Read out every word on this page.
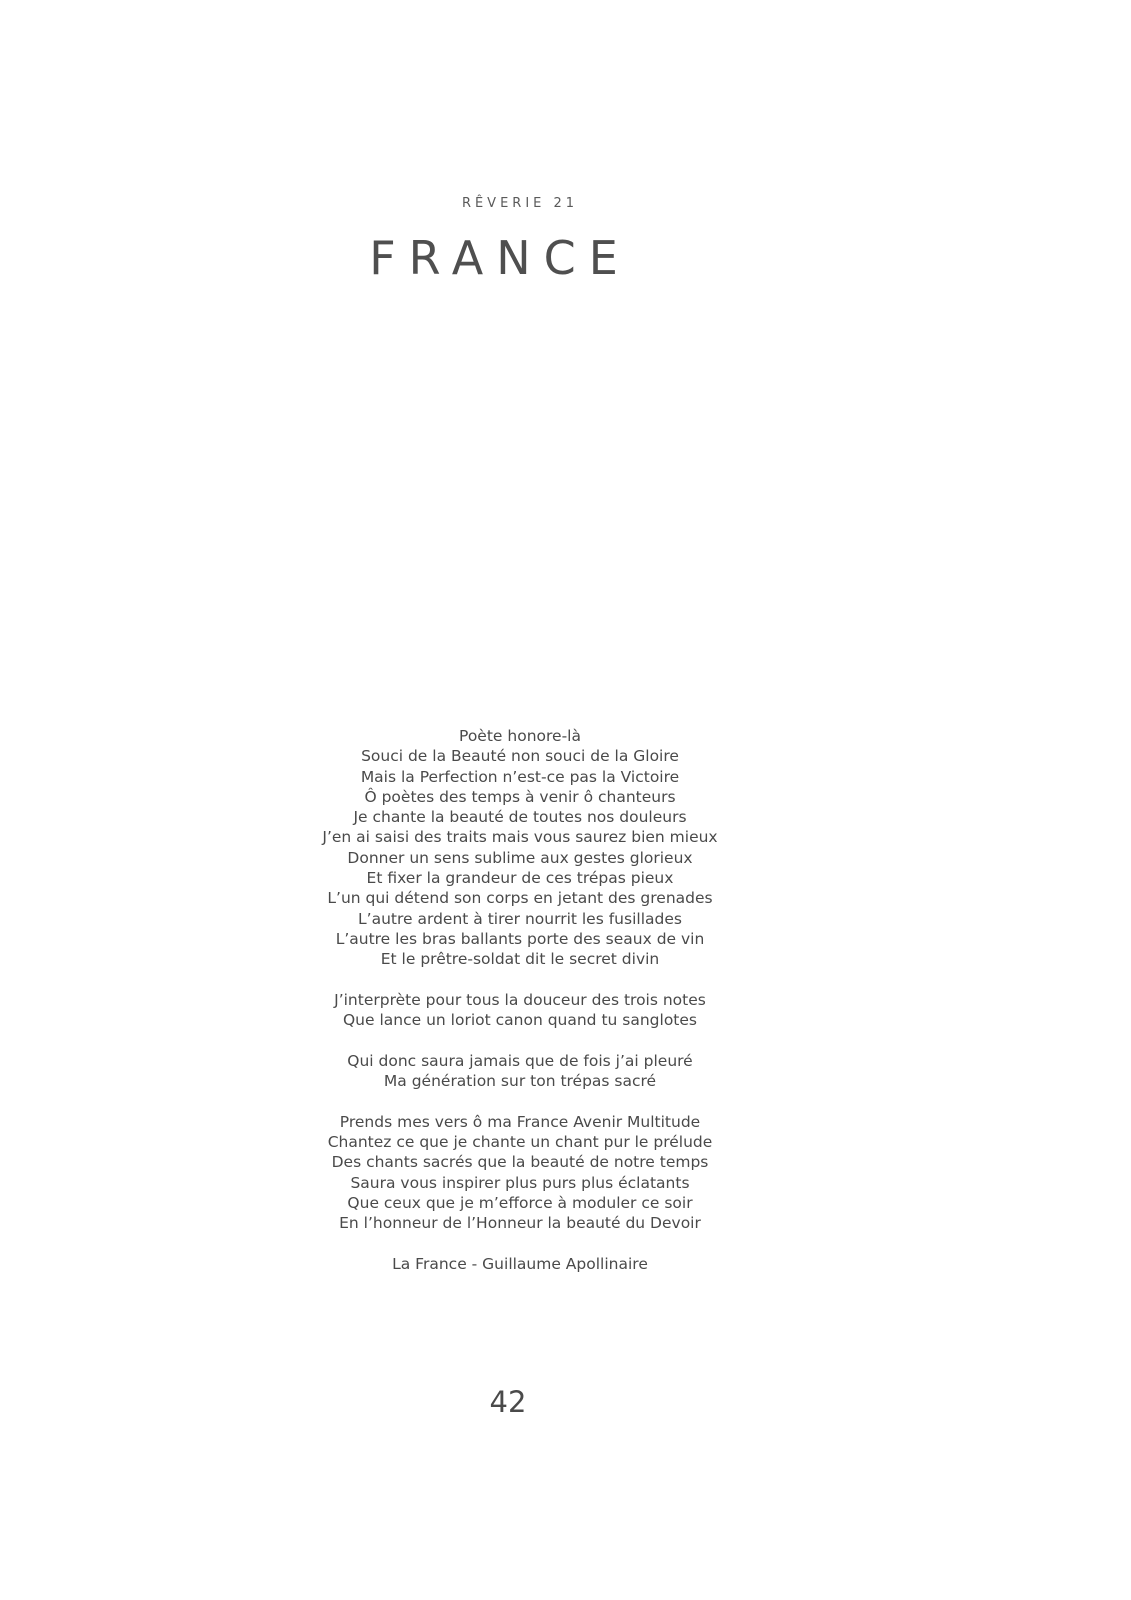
RÊVERIE 21
FRANCE
Poète honore-là
Souci de la Beauté non souci de la Gloire
Mais la Perfection n’est-ce pas la Victoire
Ô poètes des temps à venir ô chanteurs
Je chante la beauté de toutes nos douleurs
J’en ai saisi des traits mais vous saurez bien mieux
Donner un sens sublime aux gestes glorieux
Et fixer la grandeur de ces trépas pieux
L’un qui détend son corps en jetant des grenades
L’autre ardent à tirer nourrit les fusillades
L’autre les bras ballants porte des seaux de vin
Et le prêtre-soldat dit le secret divin
J’interprète pour tous la douceur des trois notes
Que lance un loriot canon quand tu sanglotes
Qui donc saura jamais que de fois j’ai pleuré
Ma génération sur ton trépas sacré
Prends mes vers ô ma France Avenir Multitude
Chantez ce que je chante un chant pur le prélude
Des chants sacrés que la beauté de notre temps
Saura vous inspirer plus purs plus éclatants
Que ceux que je m’efforce à moduler ce soir
En l’honneur de l’Honneur la beauté du Devoir
La France - Guillaume Apollinaire
42
